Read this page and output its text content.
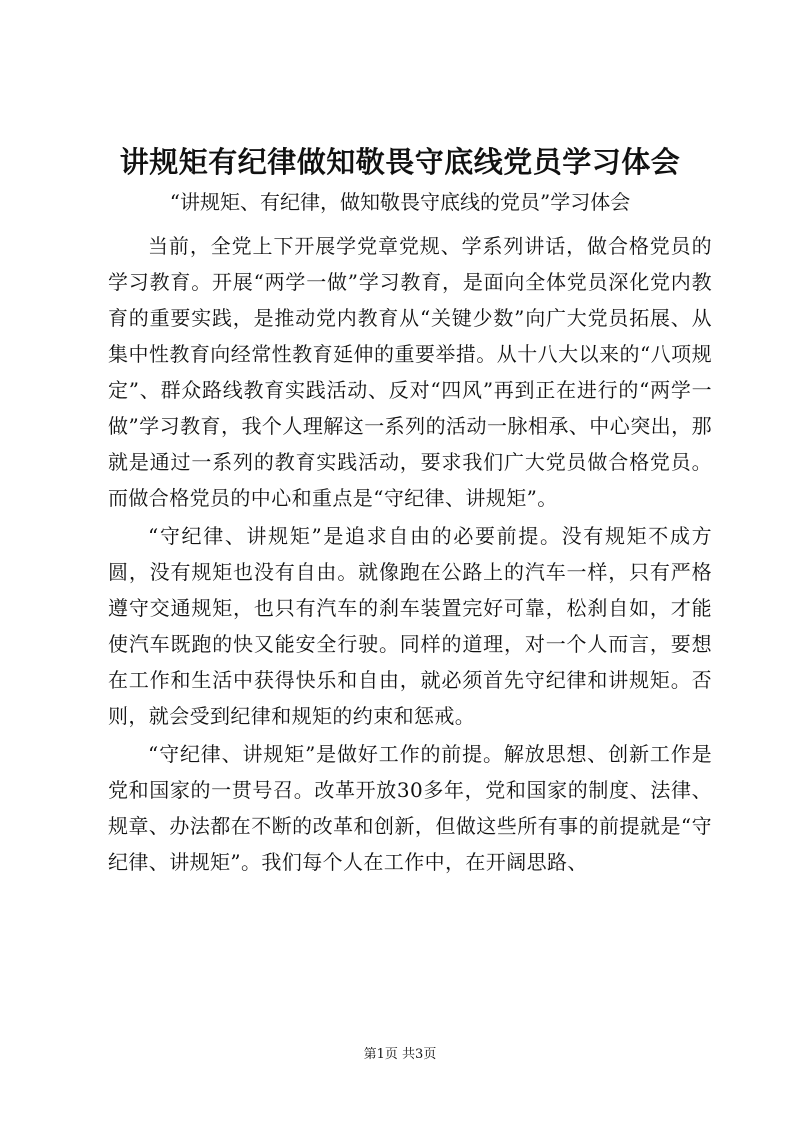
讲规矩有纪律做知敬畏守底线党员学习体会

“讲规矩、有纪律，做知敬畏守底线的党员”学习体会

当前，全党上下开展学党章党规、学系列讲话，做合格党员的学习教育。开展“两学一做”学习教育，是面向全体党员深化党内教育的重要实践，是推动党内教育从“关键少数”向广大党员拓展、从集中性教育向经常性教育延伸的重要举措。从十八大以来的“八项规定”、群众路线教育实践活动、反对“四风”再到正在进行的“两学一做”学习教育，我个人理解这一系列的活动一脉相承、中心突出，那就是通过一系列的教育实践活动，要求我们广大党员做合格党员。而做合格党员的中心和重点是“守纪律、讲规矩”。

“守纪律、讲规矩”是追求自由的必要前提。没有规矩不成方圆，没有规矩也没有自由。就像跑在公路上的汽车一样，只有严格遵守交通规矩，也只有汽车的刹车装置完好可靠，松刹自如，才能使汽车既跑的快又能安全行驶。同样的道理，对一个人而言，要想在工作和生活中获得快乐和自由，就必须首先守纪律和讲规矩。否则，就会受到纪律和规矩的约束和惩戒。

“守纪律、讲规矩”是做好工作的前提。解放思想、创新工作是党和国家的一贯号召。改革开放30多年，党和国家的制度、法律、规章、办法都在不断的改革和创新，但做这些所有事的前提就是“守纪律、讲规矩”。我们每个人在工作中，在开阔思路、

第1页 共3页
